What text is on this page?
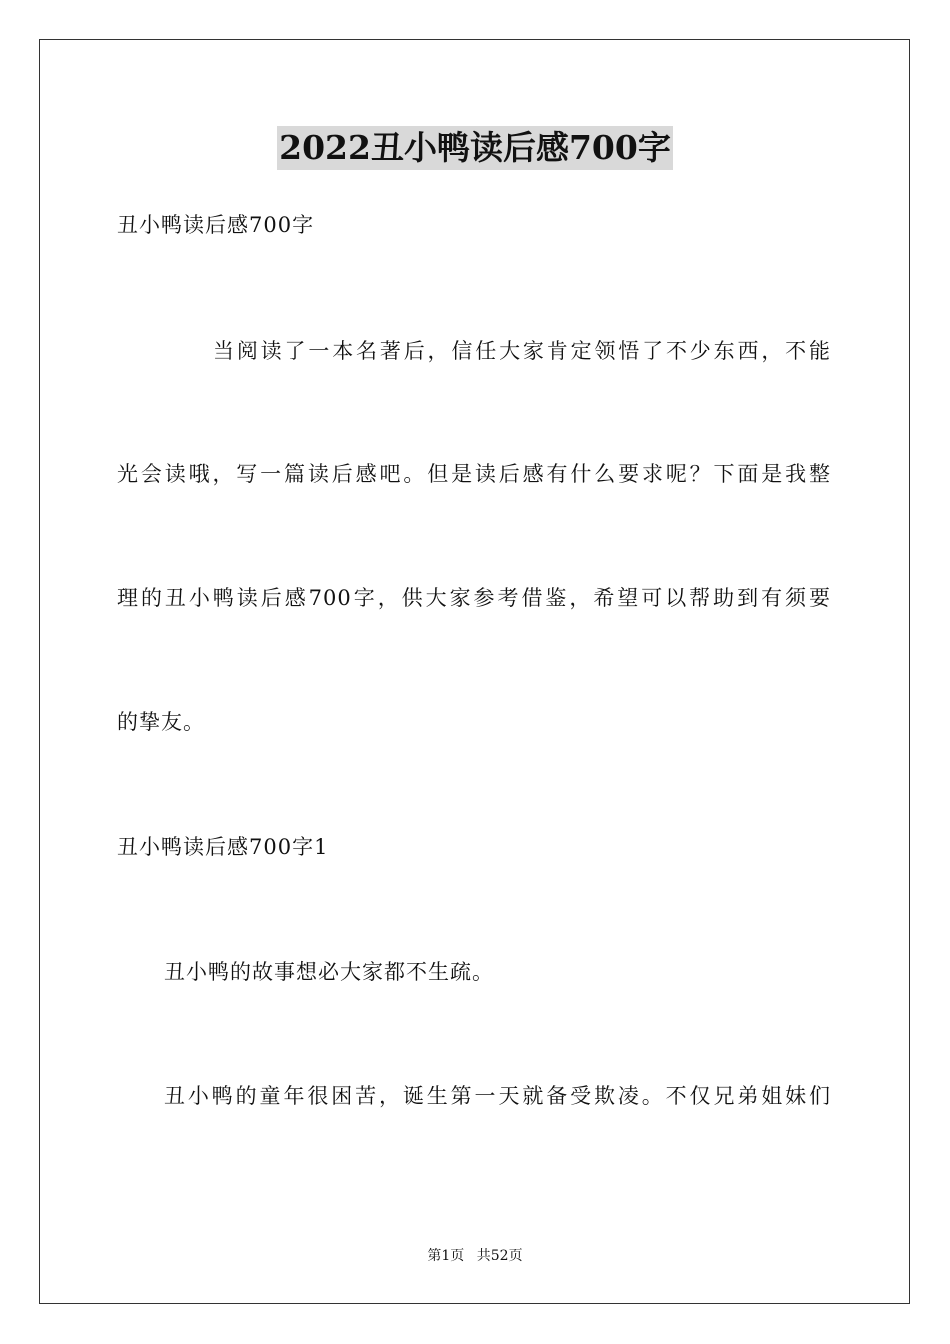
2022丑小鸭读后感700字
丑小鸭读后感700字
当阅读了一本名著后，信任大家肯定领悟了不少东西，不能
光会读哦，写一篇读后感吧。但是读后感有什么要求呢？下面是我整
理的丑小鸭读后感700字，供大家参考借鉴，希望可以帮助到有须要
的挚友。
丑小鸭读后感700字1
丑小鸭的故事想必大家都不生疏。
丑小鸭的童年很困苦，诞生第一天就备受欺凌。不仅兄弟姐妹们
第1页 共52页
